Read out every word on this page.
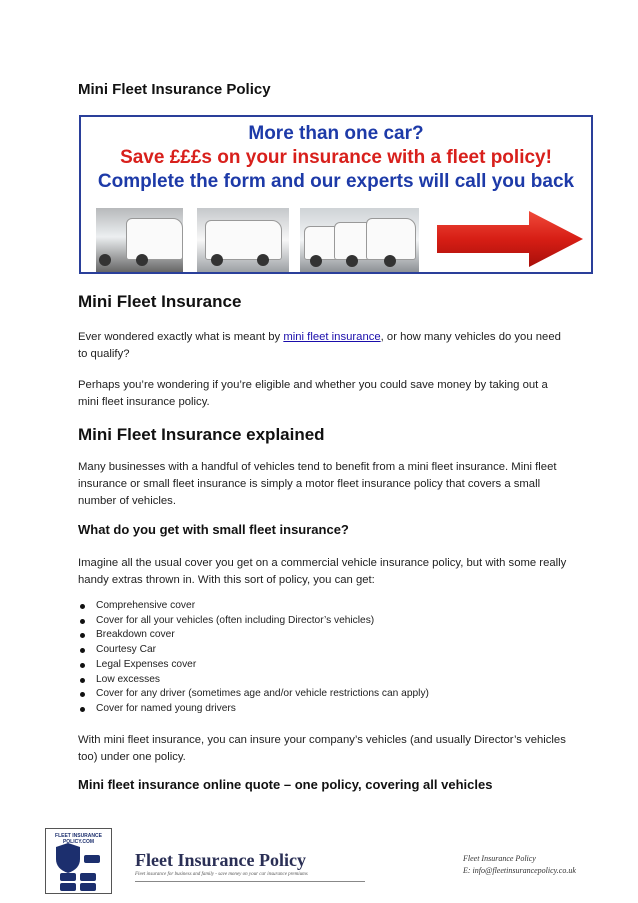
Mini Fleet Insurance Policy
More than one car?
Save £££s on your insurance with a fleet policy!
Complete the form and our experts will call you back
Mini Fleet Insurance

Ever wondered exactly what is meant by mini fleet insurance, or how many vehicles do you need to qualify?

Perhaps you’re wondering if you’re eligible and whether you could save money by taking out a mini fleet insurance policy.

Mini Fleet Insurance explained

Many businesses with a handful of vehicles tend to benefit from a mini fleet insurance. Mini fleet insurance or small fleet insurance is simply a motor fleet insurance policy that covers a small number of vehicles.

What do you get with small fleet insurance?

Imagine all the usual cover you get on a commercial vehicle insurance policy, but with some really handy extras thrown in. With this sort of policy, you can get:

Comprehensive cover
Cover for all your vehicles (often including Director’s vehicles)
Breakdown cover
Courtesy Car
Legal Expenses cover
Low excesses
Cover for any driver (sometimes age and/or vehicle restrictions can apply)
Cover for named young drivers

With mini fleet insurance, you can insure your company’s vehicles (and usually Director’s vehicles too) under one policy.

Mini fleet insurance online quote – one policy, covering all vehicles
FLEET INSURANCE POLICY.COM
Fleet Insurance Policy
Fleet insurance for business and family - save money on your car insurance premiums
Fleet Insurance Policy
E: info@fleetinsurancepolicy.co.uk
